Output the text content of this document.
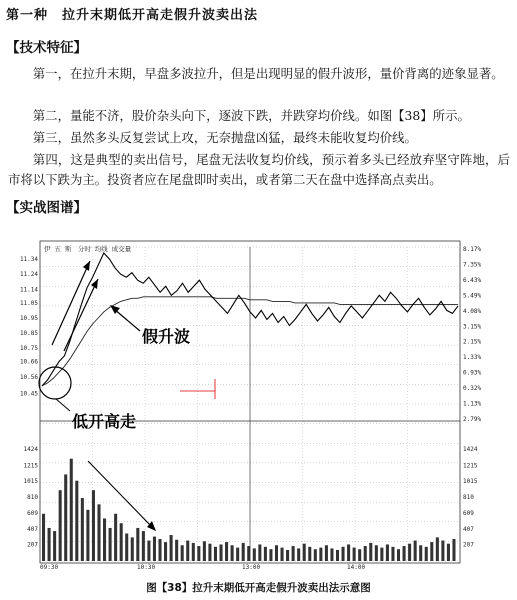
第一种　拉升末期低开高走假升波卖出法
【技术特征】

第一，在拉升末期，早盘多波拉升，但是出现明显的假升波形，量价背离的迹象显著。

第二，量能不济，股价杂头向下，逐波下跌，并跌穿均价线。如图【38】所示。

第三，虽然多头反复尝试上攻，无奈抛盘凶猛，最终未能收复均价线。

第四，这是典型的卖出信号，尾盘无法收复均价线，预示着多头已经放弃坚守阵地，后市将以下跌为主。投资者应在尾盘即时卖出，或者第二天在盘中选择高点卖出。

【实战图谱】
伊 五 斯　分时 均线 成交量
11.34
11.24
11.14
11.05
10.95
10.85
10.75
10.66
10.56
10.45
8.17%
7.35%
6.43%
5.49%
4.08%
3.15%
2.15%
1.33%
0.93%
0.32%
1.13%
2.79%
1424	1424
1215	1215
1015	1015
810	810
609	609
407	407
207	207
09:30	10:30	13:00	14:00
假升波
低开高走
图【38】拉升末期低开高走假升波卖出法示意图
